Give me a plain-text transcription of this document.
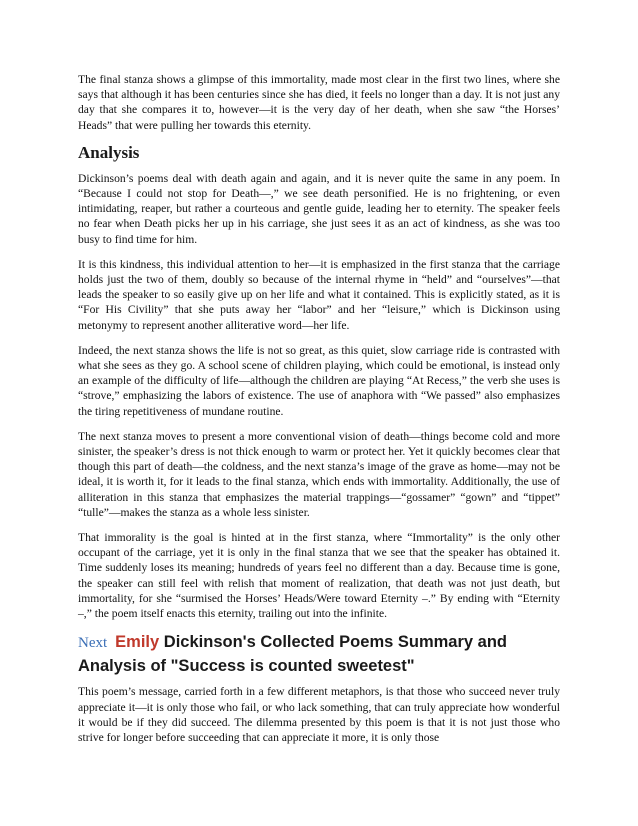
The final stanza shows a glimpse of this immortality, made most clear in the first two lines, where she says that although it has been centuries since she has died, it feels no longer than a day. It is not just any day that she compares it to, however—it is the very day of her death, when she saw “the Horses’ Heads” that were pulling her towards this eternity.

Analysis

Dickinson’s poems deal with death again and again, and it is never quite the same in any poem. In “Because I could not stop for Death—,” we see death personified. He is no frightening, or even intimidating, reaper, but rather a courteous and gentle guide, leading her to eternity. The speaker feels no fear when Death picks her up in his carriage, she just sees it as an act of kindness, as she was too busy to find time for him.

It is this kindness, this individual attention to her—it is emphasized in the first stanza that the carriage holds just the two of them, doubly so because of the internal rhyme in “held” and “ourselves”—that leads the speaker to so easily give up on her life and what it contained. This is explicitly stated, as it is “For His Civility” that she puts away her “labor” and her “leisure,” which is Dickinson using metonymy to represent another alliterative word—her life.

Indeed, the next stanza shows the life is not so great, as this quiet, slow carriage ride is contrasted with what she sees as they go. A school scene of children playing, which could be emotional, is instead only an example of the difficulty of life—although the children are playing “At Recess,” the verb she uses is “strove,” emphasizing the labors of existence. The use of anaphora with “We passed” also emphasizes the tiring repetitiveness of mundane routine.

The next stanza moves to present a more conventional vision of death—things become cold and more sinister, the speaker’s dress is not thick enough to warm or protect her. Yet it quickly becomes clear that though this part of death—the coldness, and the next stanza’s image of the grave as home—may not be ideal, it is worth it, for it leads to the final stanza, which ends with immortality. Additionally, the use of alliteration in this stanza that emphasizes the material trappings—“gossamer” “gown” and “tippet” “tulle”—makes the stanza as a whole less sinister.

That immorality is the goal is hinted at in the first stanza, where “Immortality” is the only other occupant of the carriage, yet it is only in the final stanza that we see that the speaker has obtained it. Time suddenly loses its meaning; hundreds of years feel no different than a day. Because time is gone, the speaker can still feel with relish that moment of realization, that death was not just death, but immortality, for she “surmised the Horses’ Heads/Were toward Eternity –.” By ending with “Eternity –,” the poem itself enacts this eternity, trailing out into the infinite.

Next Emily Dickinson's Collected Poems Summary and Analysis of "Success is counted sweetest"

This poem’s message, carried forth in a few different metaphors, is that those who succeed never truly appreciate it—it is only those who fail, or who lack something, that can truly appreciate how wonderful it would be if they did succeed. The dilemma presented by this poem is that it is not just those who strive for longer before succeeding that can appreciate it more, it is only those
